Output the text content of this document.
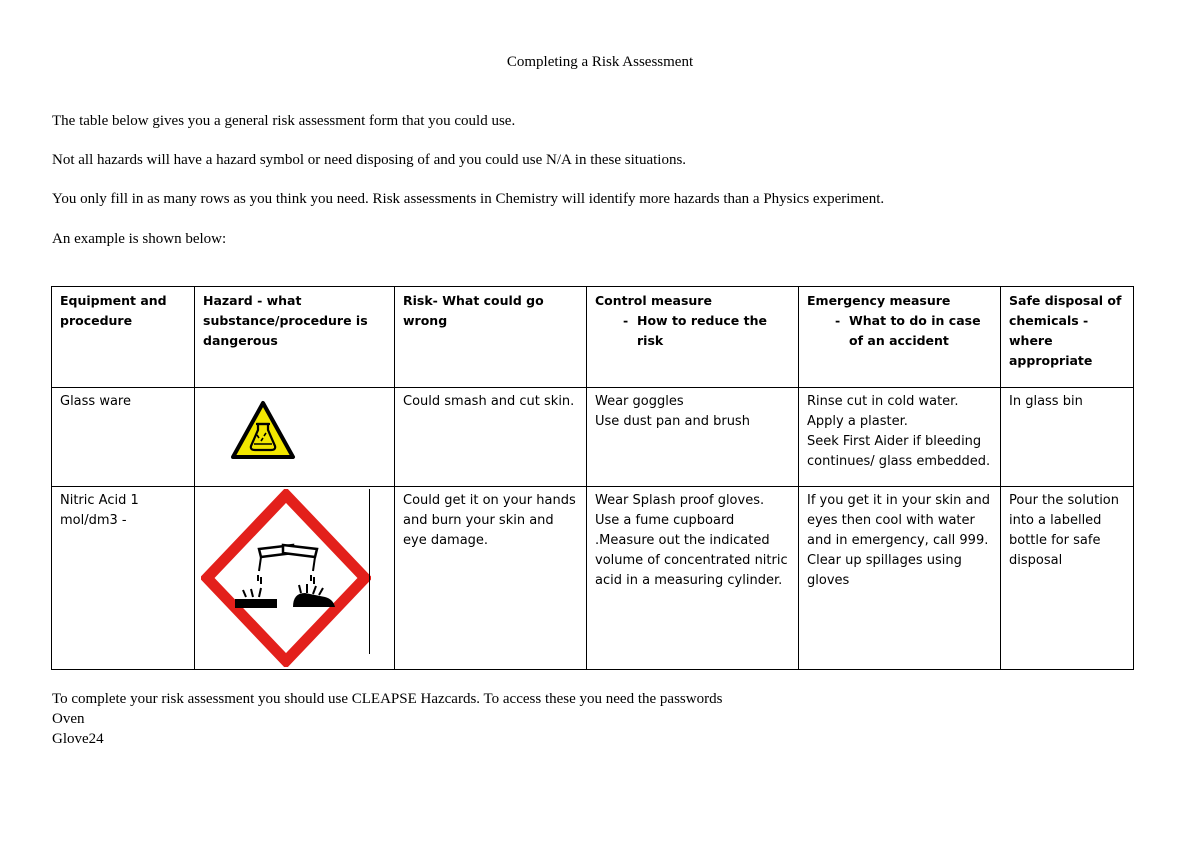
Completing a Risk Assessment
The table below gives you a general risk assessment form that you could use.
Not all hazards will have a hazard symbol or need disposing of and you could use N/A in these situations.
You only fill in as many rows as you think you need. Risk assessments in Chemistry will identify more hazards than a Physics experiment.
An example is shown below:
Equipment and procedure	Hazard - what substance/procedure is dangerous	Risk- What could go wrong	Control measure
- How to reduce the risk	Emergency measure
- What to do in case of an accident	Safe disposal of chemicals - where appropriate
Glass ware		Could smash and cut skin.	Wear goggles
Use dust pan and brush	Rinse cut in cold water.
Apply a plaster.
Seek First Aider if bleeding continues/ glass embedded.	In glass bin
Nitric Acid 1 mol/dm3 -		Could get it on your hands and burn your skin and eye damage.	Wear Splash proof gloves.
Use a fume cupboard
.Measure out the indicated volume of concentrated nitric acid in a measuring cylinder.	If you get it in your skin and eyes then cool with water and in emergency, call 999. Clear up spillages using gloves	Pour the solution into a labelled bottle for safe disposal
To complete your risk assessment you should use CLEAPSE Hazcards. To access these you need the passwords
Oven
Glove24
